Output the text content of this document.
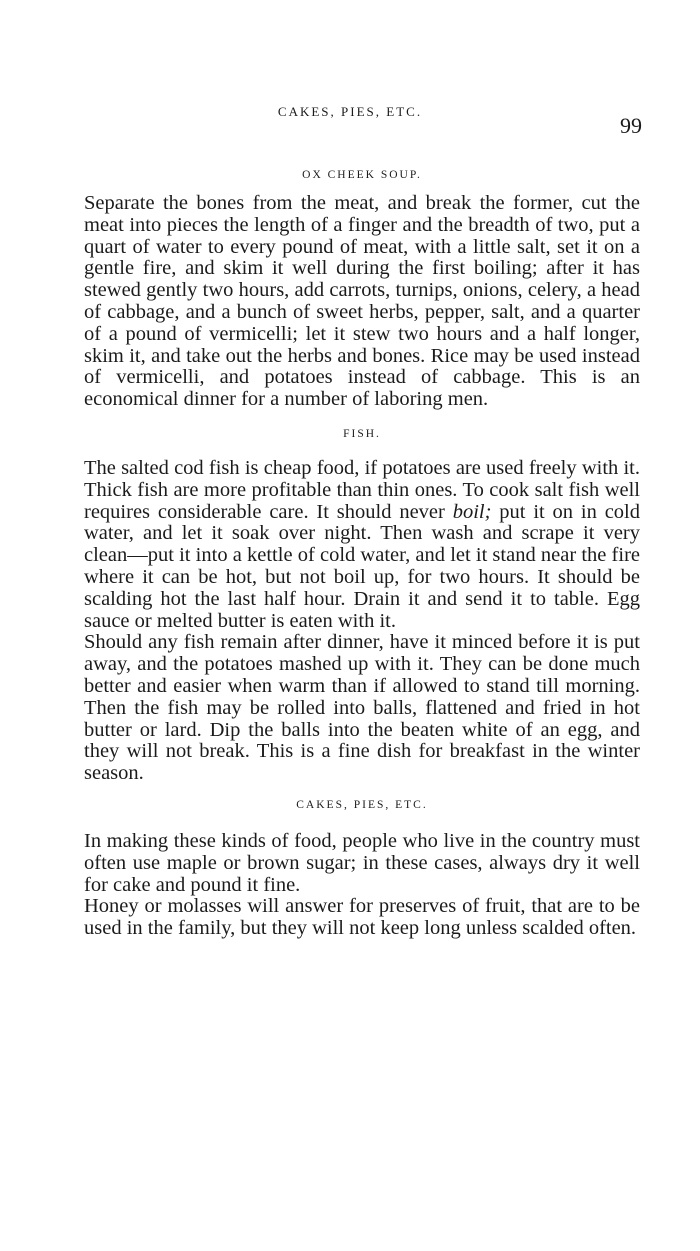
CAKES, PIES, ETC.
99
OX CHEEK SOUP.

Separate the bones from the meat, and break the former, cut the meat into pieces the length of a finger and the breadth of two, put a quart of water to every pound of meat, with a little salt, set it on a gentle fire, and skim it well during the first boiling; after it has stewed gently two hours, add carrots, turnips, onions, celery, a head of cabbage, and a bunch of sweet herbs, pepper, salt, and a quarter of a pound of vermicelli; let it stew two hours and a half longer, skim it, and take out the herbs and bones. Rice may be used instead of vermicelli, and potatoes instead of cabbage. This is an economical dinner for a number of laboring men.

FISH.

The salted cod fish is cheap food, if potatoes are used freely with it. Thick fish are more profitable than thin ones. To cook salt fish well requires considerable care. It should never boil; put it on in cold water, and let it soak over night. Then wash and scrape it very clean—put it into a kettle of cold water, and let it stand near the fire where it can be hot, but not boil up, for two hours. It should be scalding hot the last half hour. Drain it and send it to table. Egg sauce or melted butter is eaten with it.

Should any fish remain after dinner, have it minced before it is put away, and the potatoes mashed up with it. They can be done much better and easier when warm than if allowed to stand till morning. Then the fish may be rolled into balls, flattened and fried in hot butter or lard. Dip the balls into the beaten white of an egg, and they will not break. This is a fine dish for breakfast in the winter season.

CAKES, PIES, ETC.

In making these kinds of food, people who live in the country must often use maple or brown sugar; in these cases, always dry it well for cake and pound it fine.

Honey or molasses will answer for preserves of fruit, that are to be used in the family, but they will not keep long unless scalded often.
